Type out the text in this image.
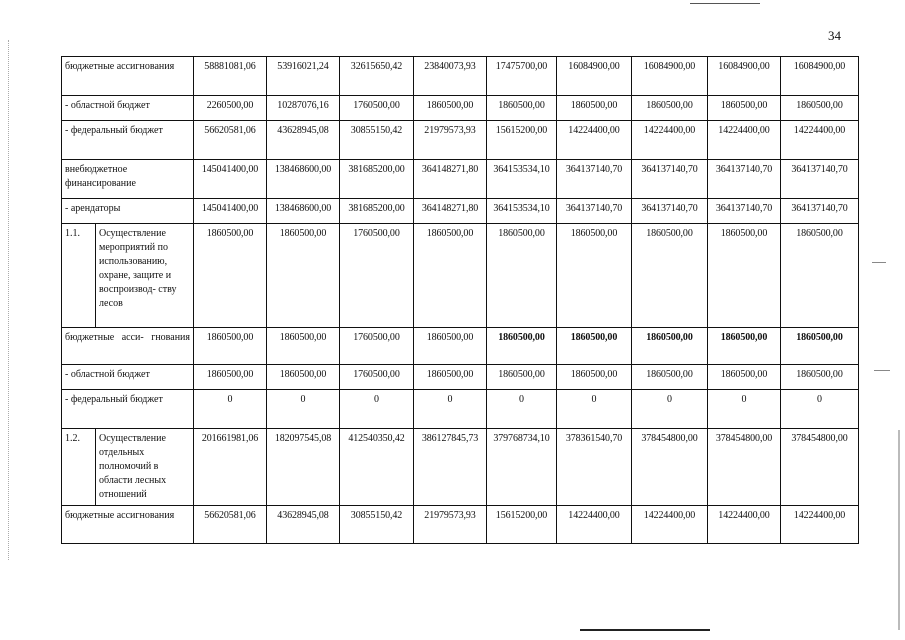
34
бюджетные ассигнования		58881081,06	53916021,24	32615650,42	23840073,93	17475700,00	16084900,00	16084900,00	16084900,00	16084900,00
- областной бюджет		2260500,00	10287076,16	1760500,00	1860500,00	1860500,00	1860500,00	1860500,00	1860500,00	1860500,00
- федеральный бюджет		56620581,06	43628945,08	30855150,42	21979573,93	15615200,00	14224400,00	14224400,00	14224400,00	14224400,00
внебюджетное финансирование		145041400,00	138468600,00	381685200,00	364148271,80	364153534,10	364137140,70	364137140,70	364137140,70	364137140,70
- арендаторы		145041400,00	138468600,00	381685200,00	364148271,80	364153534,10	364137140,70	364137140,70	364137140,70	364137140,70
1.1.	Осуществление мероприятий по использованию, охране, защите и воспроизвод- ству лесов	1860500,00	1860500,00	1760500,00	1860500,00	1860500,00	1860500,00	1860500,00	1860500,00	1860500,00
бюджетные асси- гнования		1860500,00	1860500,00	1760500,00	1860500,00	1860500,00	1860500,00	1860500,00	1860500,00	1860500,00
- областной бюджет		1860500,00	1860500,00	1760500,00	1860500,00	1860500,00	1860500,00	1860500,00	1860500,00	1860500,00
- федеральный бюджет		0	0	0	0	0	0	0	0	0
1.2.	Осуществление отдельных полномочий в области лесных отношений	201661981,06	182097545,08	412540350,42	386127845,73	379768734,10	378361540,70	378454800,00	378454800,00	378454800,00
бюджетные ассигнования		56620581,06	43628945,08	30855150,42	21979573,93	15615200,00	14224400,00	14224400,00	14224400,00	14224400,00
